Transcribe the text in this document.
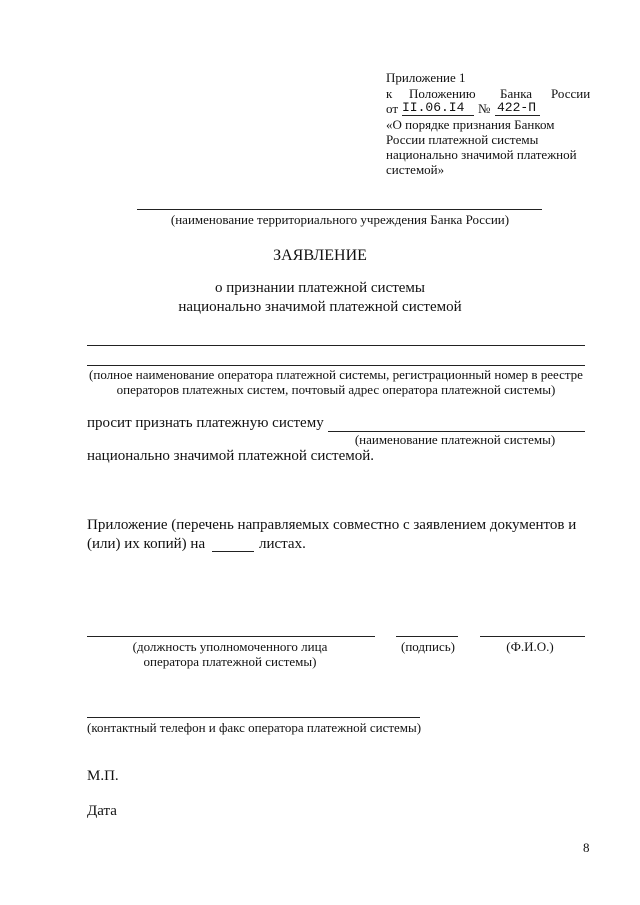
Приложение 1
к Положению Банка России
от II.06.I4 № 422-П
«О порядке признания Банком
России платежной системы
национально значимой платежной
системой»
(наименование территориального учреждения Банка России)
ЗАЯВЛЕНИЕ
о признании платежной системы
национально значимой платежной системой
(полное наименование оператора платежной системы, регистрационный номер в реестре
операторов платежных систем, почтовый адрес оператора платежной системы)
просит признать платежную систему
(наименование платежной системы)
национально значимой платежной системой.
Приложение (перечень направляемых совместно с заявлением документов и
(или) их копий) на	листах.
(должность уполномоченного лица
оператора платежной системы)
(подпись)	(Ф.И.О.)
(контактный телефон и факс оператора платежной системы)
М.П.
Дата
8
